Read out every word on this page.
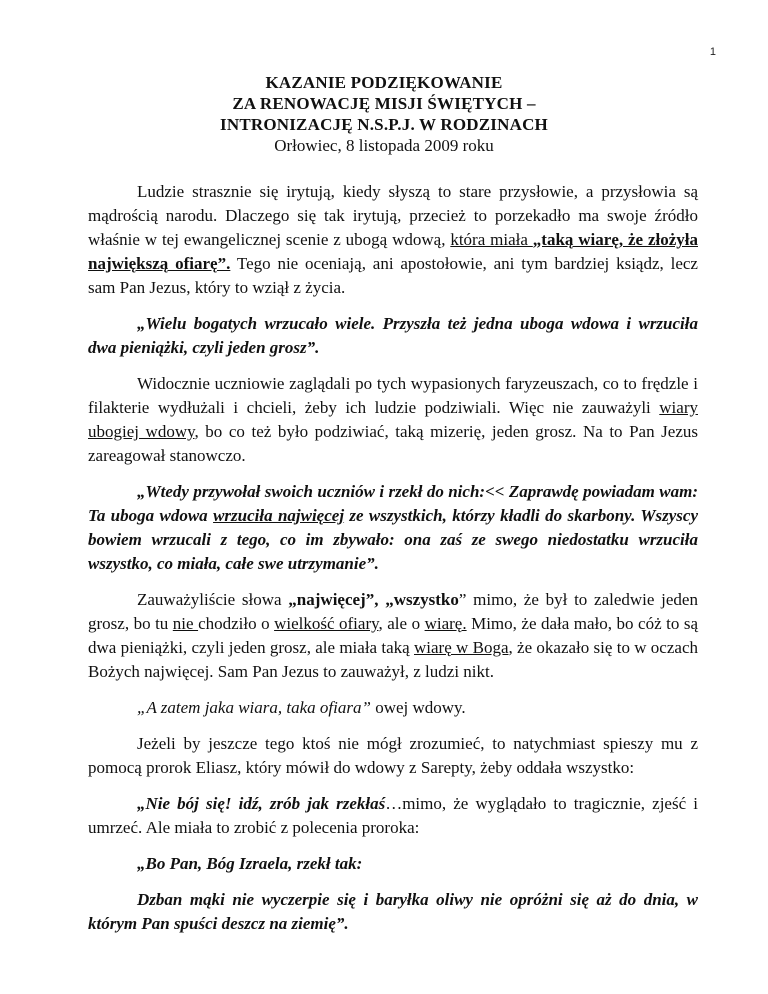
1
KAZANIE PODZIĘKOWANIE
ZA RENOWACJĘ MISJI ŚWIĘTYCH –
INTRONIZACJĘ N.S.P.J. W RODZINACH
Orłowiec, 8 listopada 2009 roku

Ludzie strasznie się irytują, kiedy słyszą to stare przysłowie, a przysłowia są mądrością narodu. Dlaczego się tak irytują, przecież to porzekadło ma swoje źródło właśnie w tej ewangelicznej scenie z ubogą wdową, która miała „taką wiarę, że złożyła największą ofiarę”. Tego nie oceniają, ani apostołowie, ani tym bardziej ksiądz, lecz sam Pan Jezus, który to wziął z życia.

„Wielu bogatych wrzucało wiele. Przyszła też jedna uboga wdowa i wrzuciła dwa pieniążki, czyli jeden grosz”.

Widocznie uczniowie zaglądali po tych wypasionych faryzeuszach, co to frędzle i filakterie wydłużali i chcieli, żeby ich ludzie podziwiali. Więc nie zauważyli wiary ubogiej wdowy, bo co też było podziwiać, taką mizerię, jeden grosz. Na to Pan Jezus zareagował stanowczo.

„Wtedy przywołał swoich uczniów i rzekł do nich:<< Zaprawdę powiadam wam: Ta uboga wdowa wrzuciła najwięcej ze wszystkich, którzy kładli do skarbony. Wszyscy bowiem wrzucali z tego, co im zbywało: ona zaś ze swego niedostatku wrzuciła wszystko, co miała, całe swe utrzymanie”.

Zauważyliście słowa „najwięcej”, „wszystko” mimo, że był to zaledwie jeden grosz, bo tu nie chodziło o wielkość ofiary, ale o wiarę. Mimo, że dała mało, bo cóż to są dwa pieniążki, czyli jeden grosz, ale miała taką wiarę w Boga, że okazało się to w oczach Bożych najwięcej. Sam Pan Jezus to zauważył, z ludzi nikt.

„A zatem jaka wiara, taka ofiara” owej wdowy.

Jeżeli by jeszcze tego ktoś nie mógł zrozumieć, to natychmiast spieszy mu z pomocą prorok Eliasz, który mówił do wdowy z Sarepty, żeby oddała wszystko:

„Nie bój się! idź, zrób jak rzekłaś…mimo, że wyglądało to tragicznie, zjeść i umrzeć. Ale miała to zrobić z polecenia proroka:

„Bo Pan, Bóg Izraela, rzekł tak:

Dzban mąki nie wyczerpie się i baryłka oliwy nie opróżni się aż do dnia, w którym Pan spuści deszcz na ziemię”.
